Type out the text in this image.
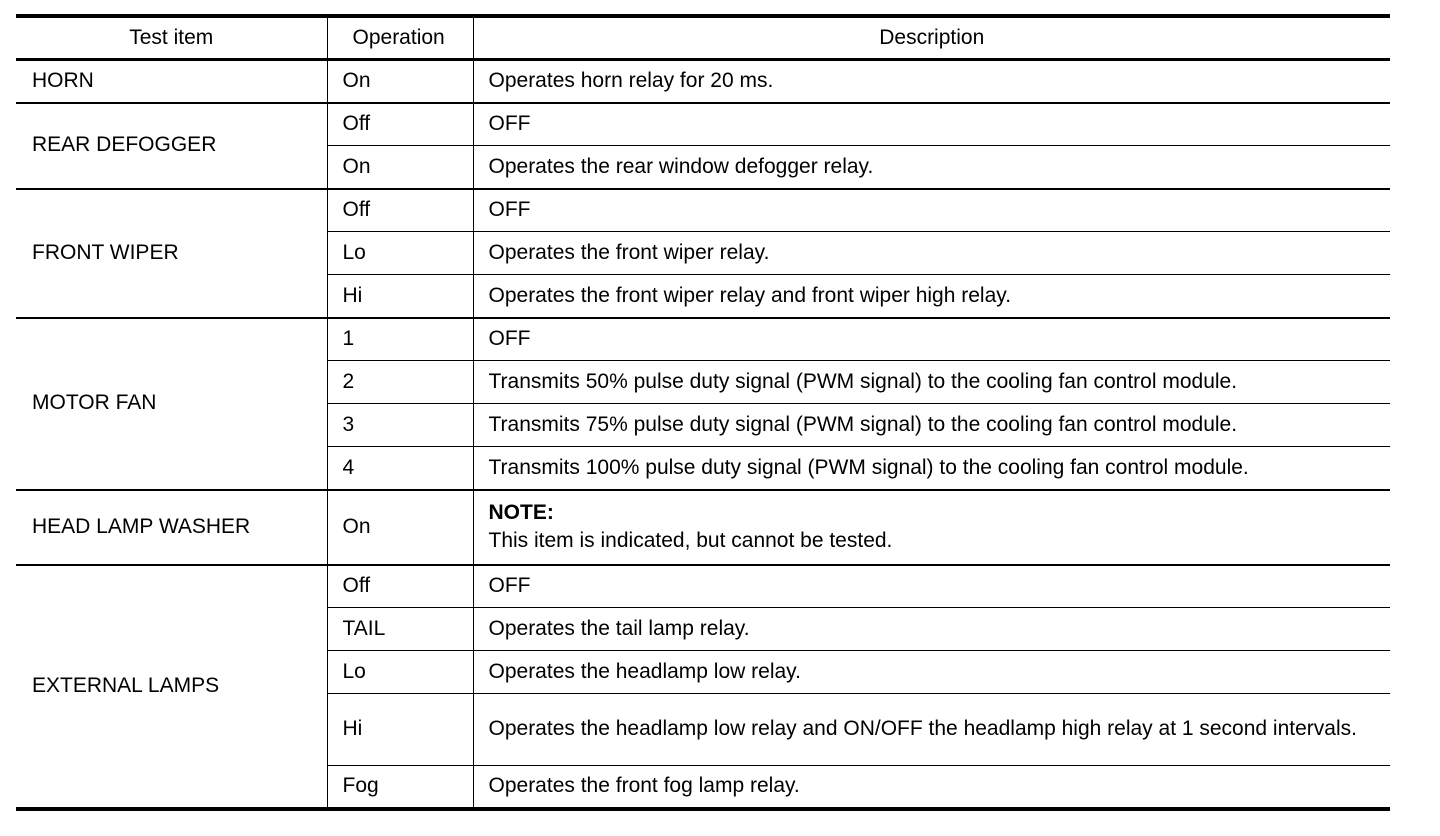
Test item	Operation	Description
HORN	On	Operates horn relay for 20 ms.
REAR DEFOGGER	Off	OFF
	On	Operates the rear window defogger relay.
FRONT WIPER	Off	OFF
	Lo	Operates the front wiper relay.
	Hi	Operates the front wiper relay and front wiper high relay.
MOTOR FAN	1	OFF
	2	Transmits 50% pulse duty signal (PWM signal) to the cooling fan control module.
	3	Transmits 75% pulse duty signal (PWM signal) to the cooling fan control module.
	4	Transmits 100% pulse duty signal (PWM signal) to the cooling fan control module.
HEAD LAMP WASHER	On	NOTE:
This item is indicated, but cannot be tested.
EXTERNAL LAMPS	Off	OFF
	TAIL	Operates the tail lamp relay.
	Lo	Operates the headlamp low relay.
	Hi	Operates the headlamp low relay and ON/OFF the headlamp high relay at 1 second intervals.
	Fog	Operates the front fog lamp relay.
